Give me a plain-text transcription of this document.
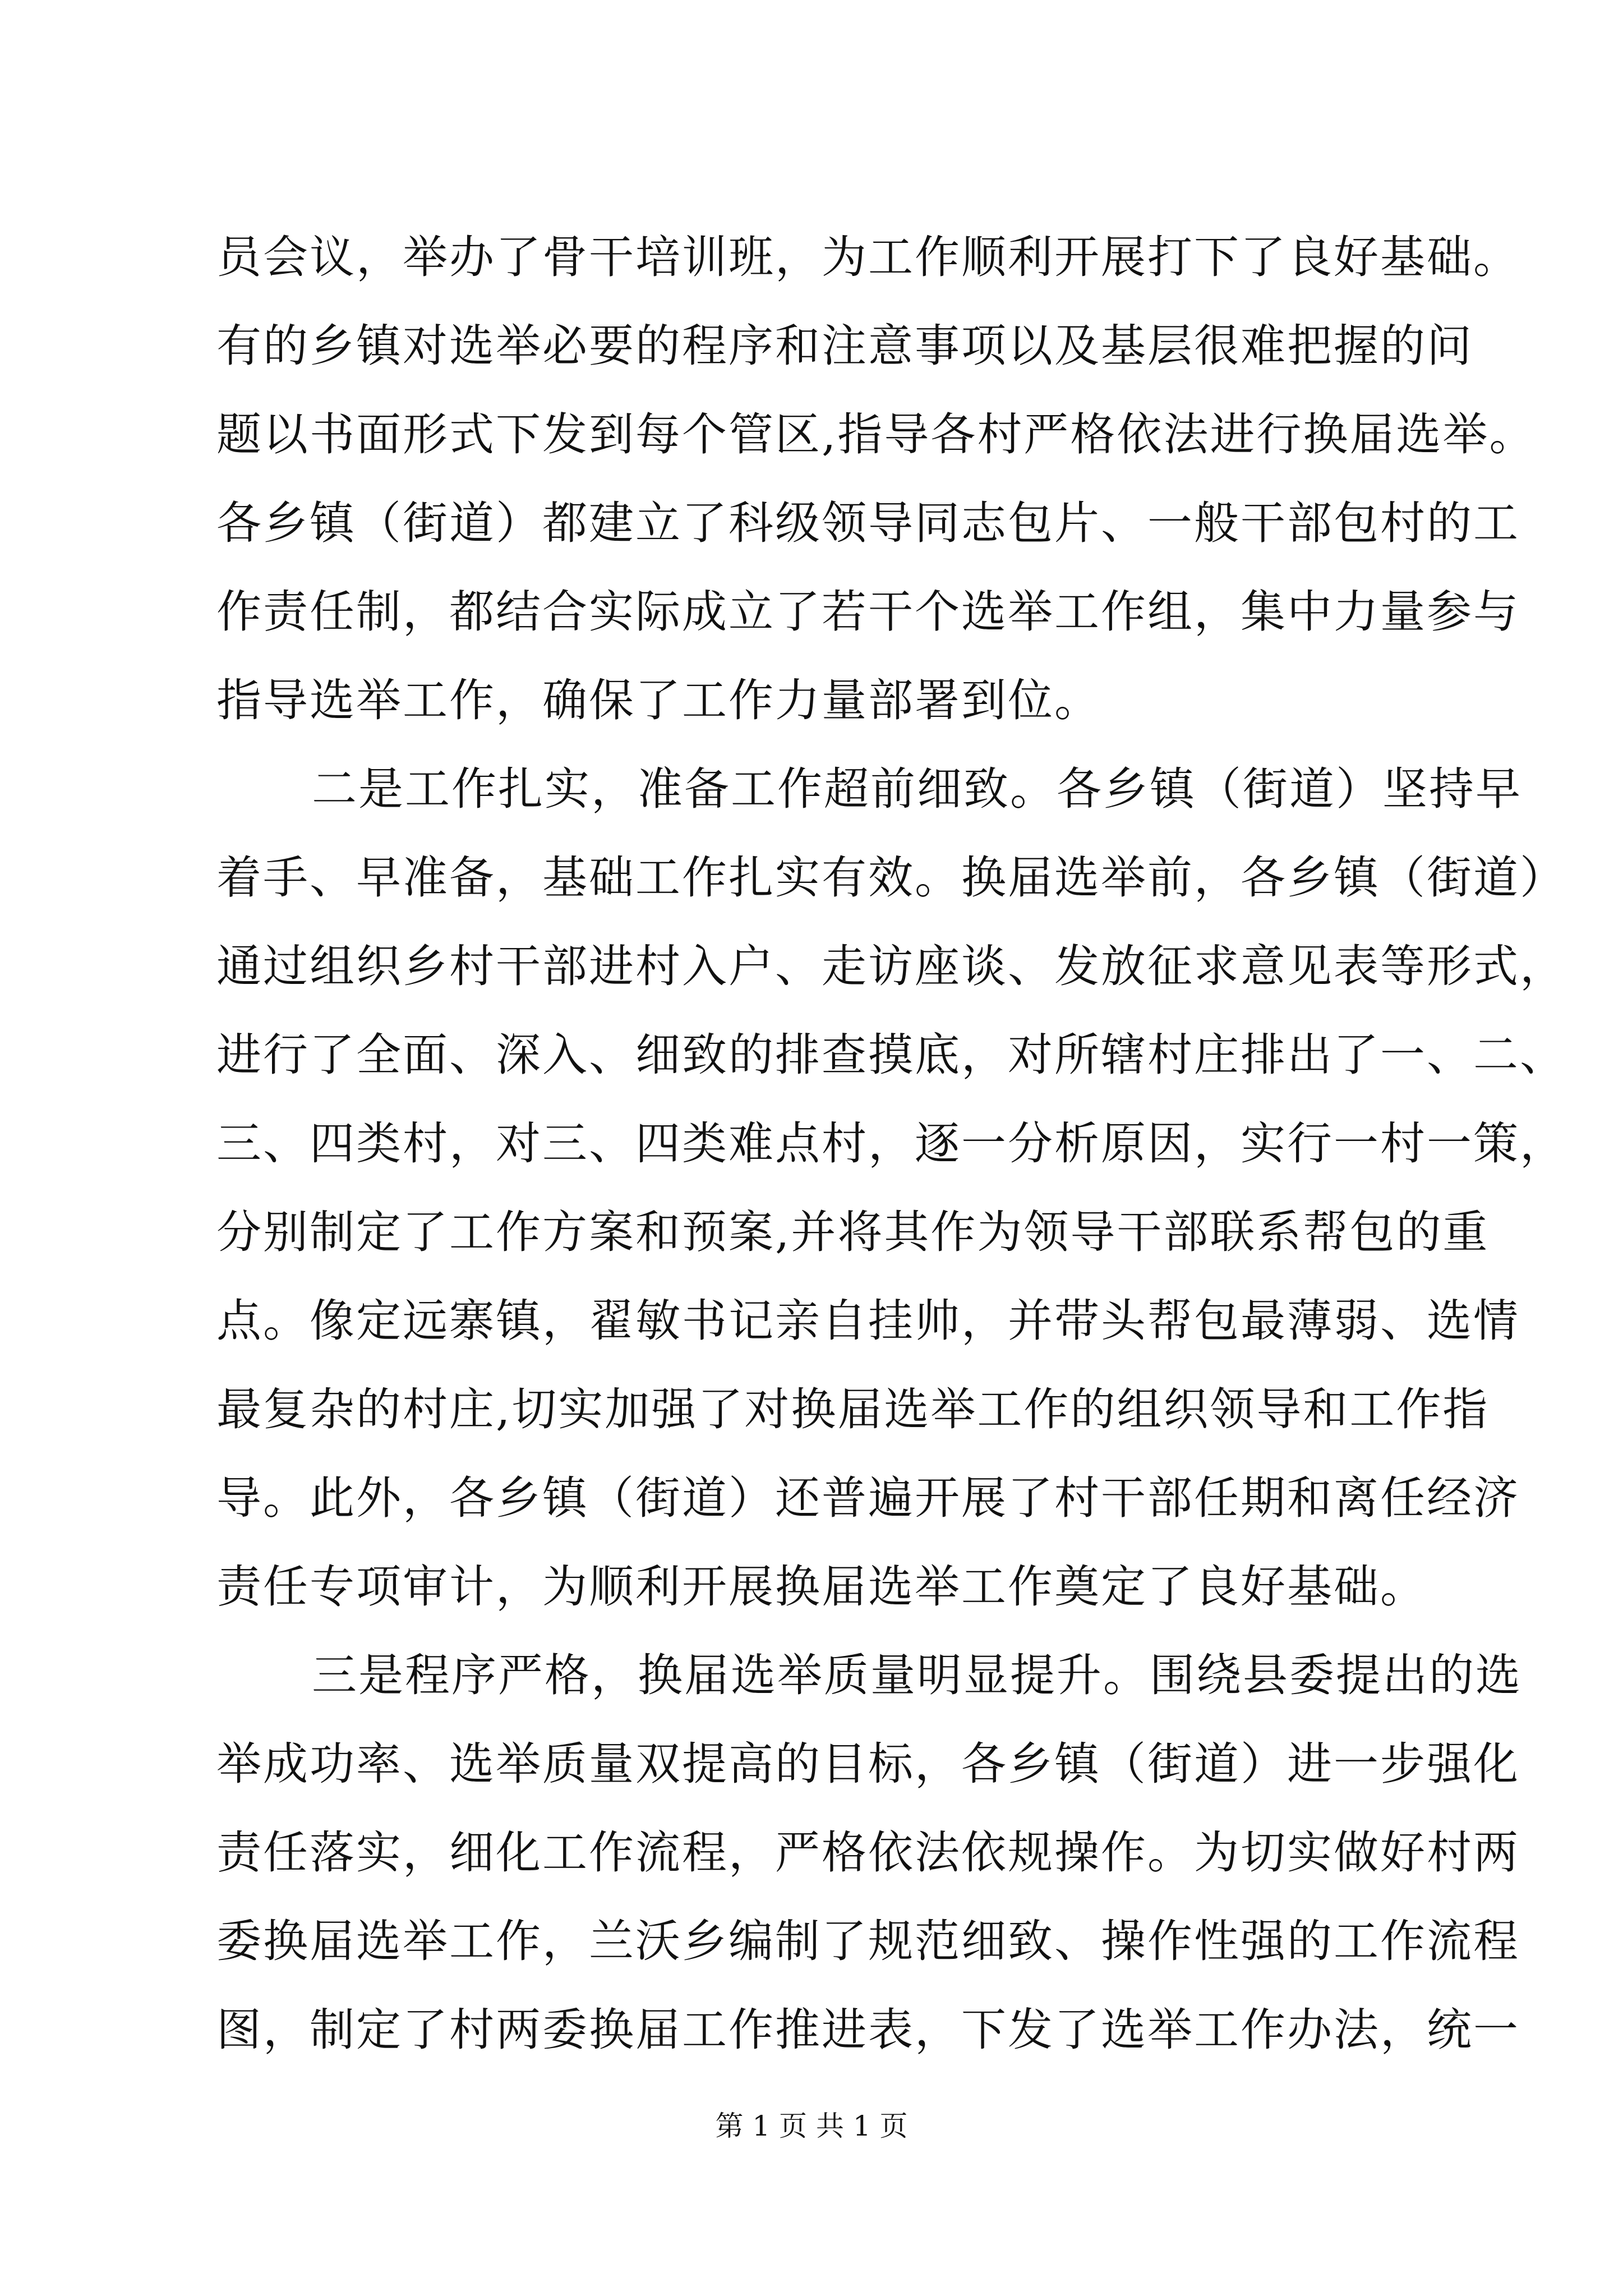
员会议，举办了骨干培训班，为工作顺利开展打下了良好基础。
有的乡镇对选举必要的程序和注意事项以及基层很难把握的问
题以书面形式下发到每个管区,指导各村严格依法进行换届选举。
各乡镇（街道）都建立了科级领导同志包片、一般干部包村的工
作责任制，都结合实际成立了若干个选举工作组，集中力量参与
指导选举工作，确保了工作力量部署到位。
二是工作扎实，准备工作超前细致。各乡镇（街道）坚持早
着手、早准备，基础工作扎实有效。换届选举前，各乡镇（街道）
通过组织乡村干部进村入户、走访座谈、发放征求意见表等形式，
进行了全面、深入、细致的排查摸底，对所辖村庄排出了一、二、
三、四类村，对三、四类难点村，逐一分析原因，实行一村一策，
分别制定了工作方案和预案,并将其作为领导干部联系帮包的重
点。像定远寨镇，翟敏书记亲自挂帅，并带头帮包最薄弱、选情
最复杂的村庄,切实加强了对换届选举工作的组织领导和工作指
导。此外，各乡镇（街道）还普遍开展了村干部任期和离任经济
责任专项审计，为顺利开展换届选举工作奠定了良好基础。
三是程序严格，换届选举质量明显提升。围绕县委提出的选
举成功率、选举质量双提高的目标，各乡镇（街道）进一步强化
责任落实，细化工作流程，严格依法依规操作。为切实做好村两
委换届选举工作，兰沃乡编制了规范细致、操作性强的工作流程
图，制定了村两委换届工作推进表，下发了选举工作办法，统一
第 1 页 共 1 页
